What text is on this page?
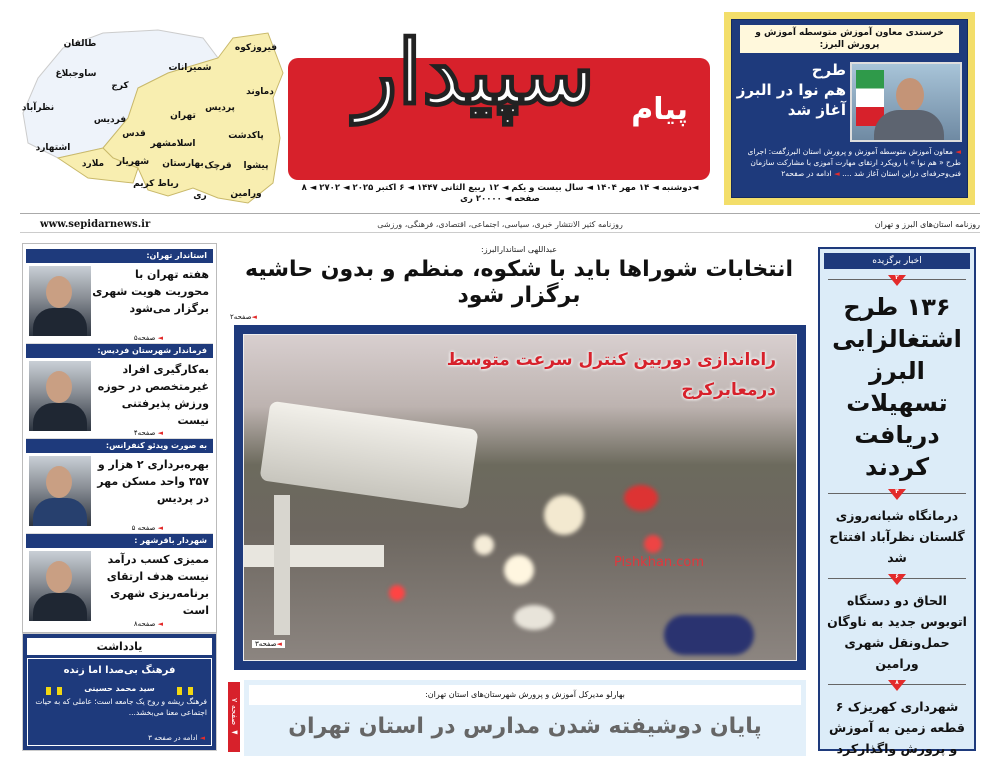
طالقان
ساوجبلاغ
کرج
نظرآباد
فردیس
اشتهارد
شمیرانات
فیروزکوه
دماوند
پردیس
تهران
قدس
اسلامشهر
ملارد شهریار بهارستان
رباط کریم
ری
قرچک
پاکدشت
پیشوا
ورامین
سپیدار پیام
خرسندی معاون آموزش متوسطه آموزش و پرورش البرز:
طرح
هم نوا در البرز
آغاز شد
◄ معاون آموزش متوسطه آموزش و پرورش استان البرزگفت: اجرای طرح « هم نوا » با رویکرد ارتقای مهارت آموزی با مشارکت سازمان فنی‌وحرفه‌ای دراین استان آغاز شد .... ◄ ادامه در صفحه۲
◄دوشنبه ◄ ۱۴ مهر ۱۴۰۴ ◄ سال بیست و یکم ◄ ۱۲ ربیع الثانی ۱۴۴۷ ◄ ۶ اکتبر ۲۰۲۵ ◄ ۲۷۰۲ ◄ ۸ صفحه ◄ ۲۰۰۰۰ ری
www.sepidarnews.ir	روزنامه کثیر الانتشار خبری، سیاسی، اجتماعی، اقتصادی، فرهنگی، ورزشی	روزنامه استان‌های البرز و تهران
استاندار تهران:
هفته تهران با محوریت هویت شهری برگزار می‌شود
◄ صفحه۵
فرماندار شهرستان فردیس:
به‌کارگیری افراد غیرمتخصص در حوزه ورزش پذیرفتنی نیست
◄ صفحه۴
به صورت ویدئو کنفرانس:
بهره‌برداری ۲ هزار و ۳۵۷ واحد مسکن مهر در پردیس
◄ صفحه ۵
شهردار باقرشهر :
ممیزی کسب درآمد نیست هدف ارتقای برنامه‌ریزی شهری است
◄ صفحه۸
یادداشت
فرهنگ بی‌صدا اما زنده
سید محمد حسینی
فرهنگ ریشه و روح یک جامعه است؛ عاملی که به حیات اجتماعی معنا می‌بخشد...
◄ ادامه در صفحه ۳
عبداللهی استاندارالبرز:
انتخابات شوراها باید با شکوه، منظم و بدون حاشیه برگزار شود
◄صفحه۲
راه‌اندازی دوربین کنترل سرعت متوسط
درمعابرکرج
Pishkhan.com
◄صفحه۳
◄ صفحه ۷
بهارلو مدیرکل آموزش و پرورش شهرستان‌های استان تهران:
پایان دوشیفته شدن مدارس در استان تهران
اخبار برگزیده
۲
۱۳۶ طرح اشتغالزایی البرز تسهیلات دریافت کردند
۴
درمانگاه شبانه‌روزی گلستان نظرآباد افتتاح شد
۶
الحاق دو دستگاه اتوبوس جدید به ناوگان حمل‌ونقل شهری ورامین
۸
شهرداری کهریزک ۶ قطعه زمین به آموزش و پرورش واگذارکرد
